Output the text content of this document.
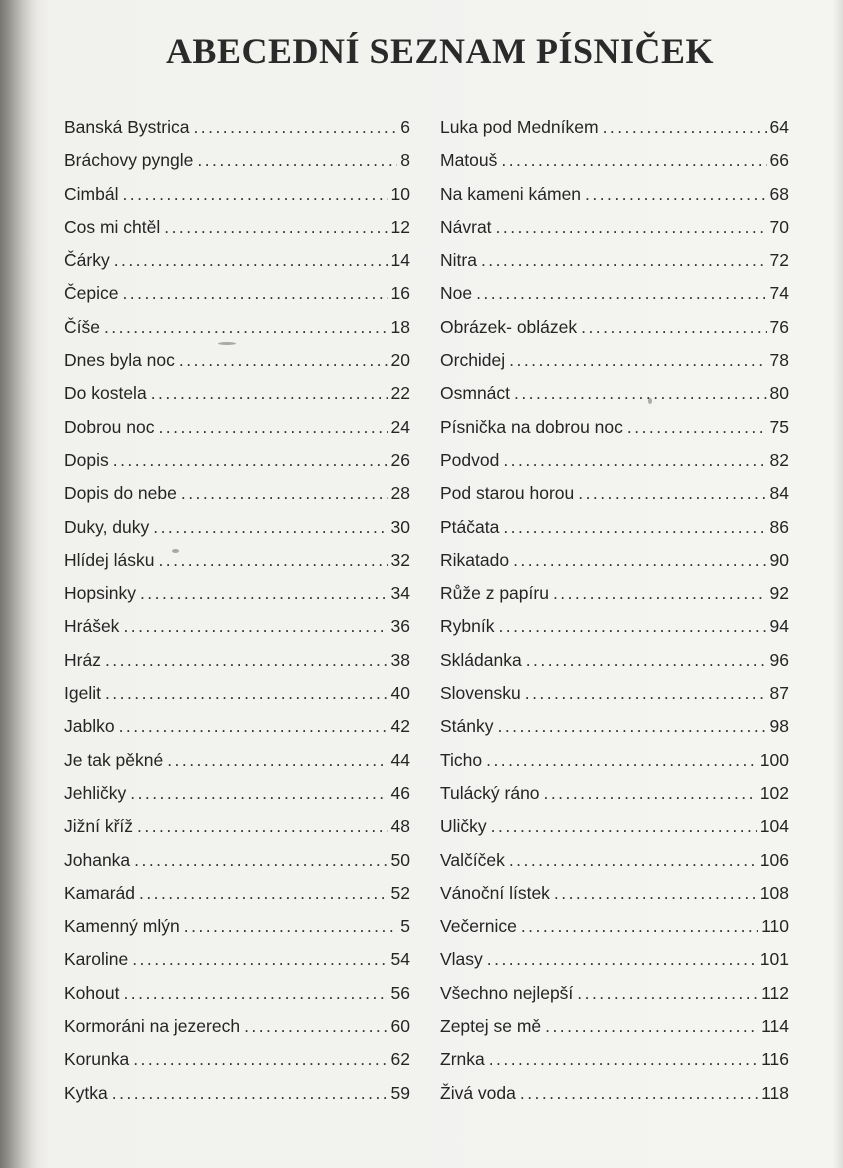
ABECEDNÍ SEZNAM PÍSNIČEK
Banská Bystrica . . .	6
Bráchovy pyngle . . .	8
Cimbál . . .	10
Cos mi chtěl . . .	12
Čárky . . .	14
Čepice . . .	16
Číše . . .	18
Dnes byla noc . . .	20
Do kostela . . .	22
Dobrou noc . . .	24
Dopis . . .	26
Dopis do nebe . . .	28
Duky, duky . . .	30
Hlídej lásku . . .	32
Hopsinky . . .	34
Hrášek . . .	36
Hráz . . .	38
Igelit . . .	40
Jablko . . .	42
Je tak pěkné . . .	44
Jehličky . . .	46
Jižní kříž . . .	48
Johanka . . .	50
Kamarád . . .	52
Kamenný mlýn . . .	5
Karoline . . .	54
Kohout . . .	56
Kormoráni na jezerech . . .	60
Korunka . . .	62
Kytka . . .	59
Luka pod Medníkem . . .	64
Matouš . . .	66
Na kameni kámen . . .	68
Návrat . . .	70
Nitra . . .	72
Noe . . .	74
Obrázek- oblázek . . .	76
Orchidej . . .	78
Osmnáct . . .	80
Písnička na dobrou noc . . .	75
Podvod . . .	82
Pod starou horou . . .	84
Ptáčata . . .	86
Rikatado . . .	90
Růže z papíru . . .	92
Rybník . . .	94
Skládanka . . .	96
Slovensku . . .	87
Stánky . . .	98
Ticho . . .	100
Tulácký ráno . . .	102
Uličky . . .	104
Valčíček . . .	106
Vánoční lístek . . .	108
Večernice . . .	110
Vlasy . . .	101
Všechno nejlepší . . .	112
Zeptej se mě . . .	114
Zrnka . . .	116
Živá voda . . .	118
